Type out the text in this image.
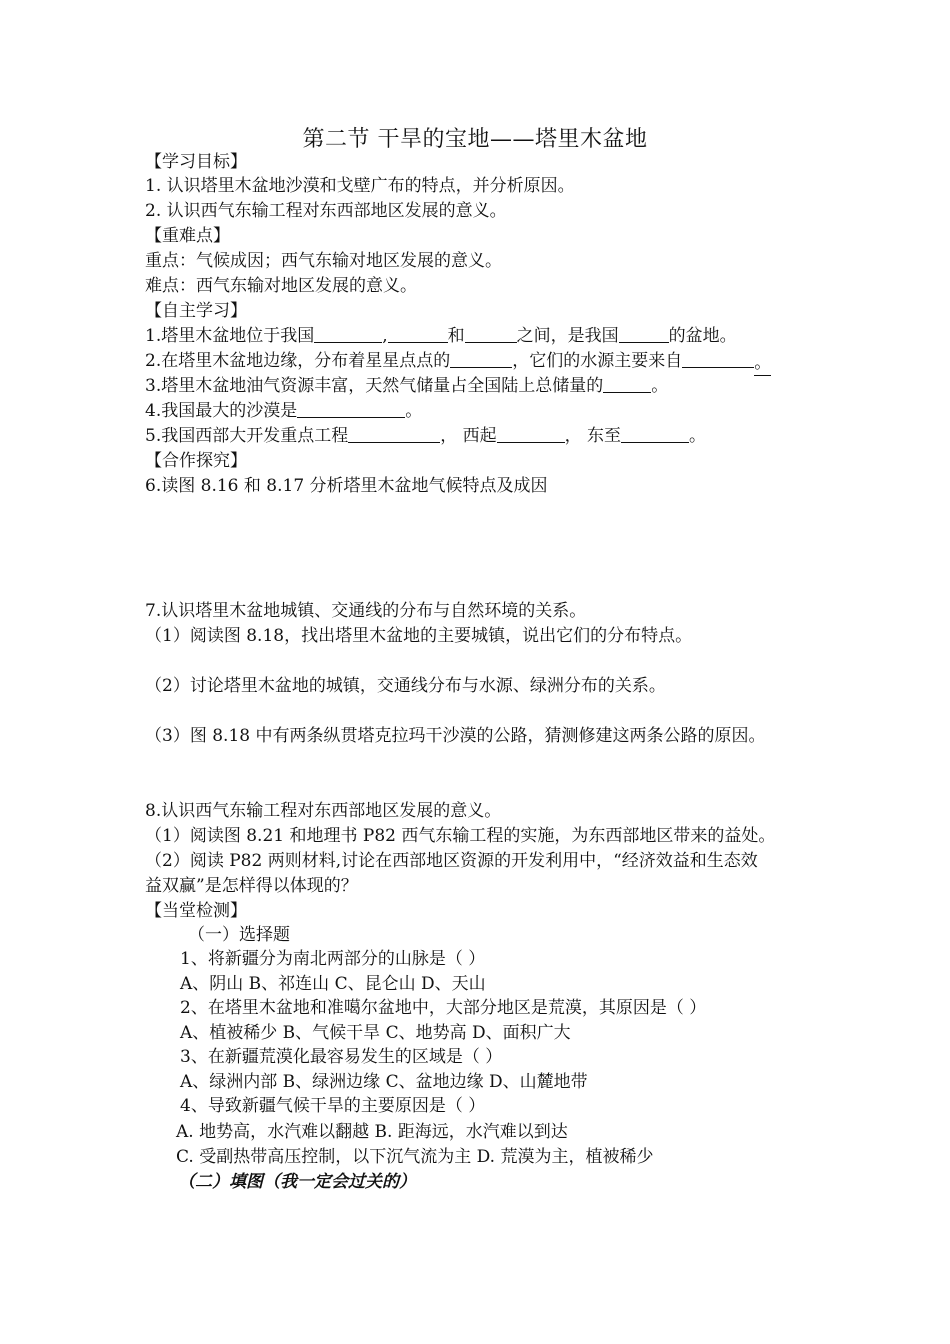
第二节 干旱的宝地——塔里木盆地
【学习目标】
1. 认识塔里木盆地沙漠和戈壁广布的特点，并分析原因。
2. 认识西气东输工程对东西部地区发展的意义。
【重难点】
重点：气候成因；西气东输对地区发展的意义。
难点：西气东输对地区发展的意义。
【自主学习】
1.塔里木盆地位于我国	,	和	之间，是我国	的盆地。
2.在塔里木盆地边缘，分布着星星点点的	，它们的水源主要来自	。
3.塔里木盆地油气资源丰富，天然气储量占全国陆上总储量的	。
4.我国最大的沙漠是	。
5.我国西部大开发重点工程	， 西起	， 东至	。
【合作探究】
6.读图 8.16 和 8.17 分析塔里木盆地气候特点及成因
7.认识塔里木盆地城镇、交通线的分布与自然环境的关系。
（1）阅读图 8.18，找出塔里木盆地的主要城镇，说出它们的分布特点。
（2）讨论塔里木盆地的城镇，交通线分布与水源、绿洲分布的关系。
（3）图 8.18 中有两条纵贯塔克拉玛干沙漠的公路，猜测修建这两条公路的原因。
8.认识西气东输工程对东西部地区发展的意义。
（1）阅读图 8.21 和地理书 P82 西气东输工程的实施，为东西部地区带来的益处。
（2）阅读 P82 两则材料,讨论在西部地区资源的开发利用中，“经济效益和生态效
益双赢”是怎样得以体现的？
【当堂检测】
（一）选择题
1、将新疆分为南北两部分的山脉是（ ）
A、阴山 B、祁连山 C、昆仑山 D、天山
2、在塔里木盆地和准噶尔盆地中，大部分地区是荒漠，其原因是（ ）
A、植被稀少 B、气候干旱 C、地势高 D、面积广大
3、在新疆荒漠化最容易发生的区域是（ ）
A、绿洲内部 B、绿洲边缘 C、盆地边缘 D、山麓地带
4、导致新疆气候干旱的主要原因是（ ）
A. 地势高，水汽难以翻越 B. 距海远，水汽难以到达
C. 受副热带高压控制，以下沉气流为主 D. 荒漠为主，植被稀少
（二）填图（我一定会过关的）
